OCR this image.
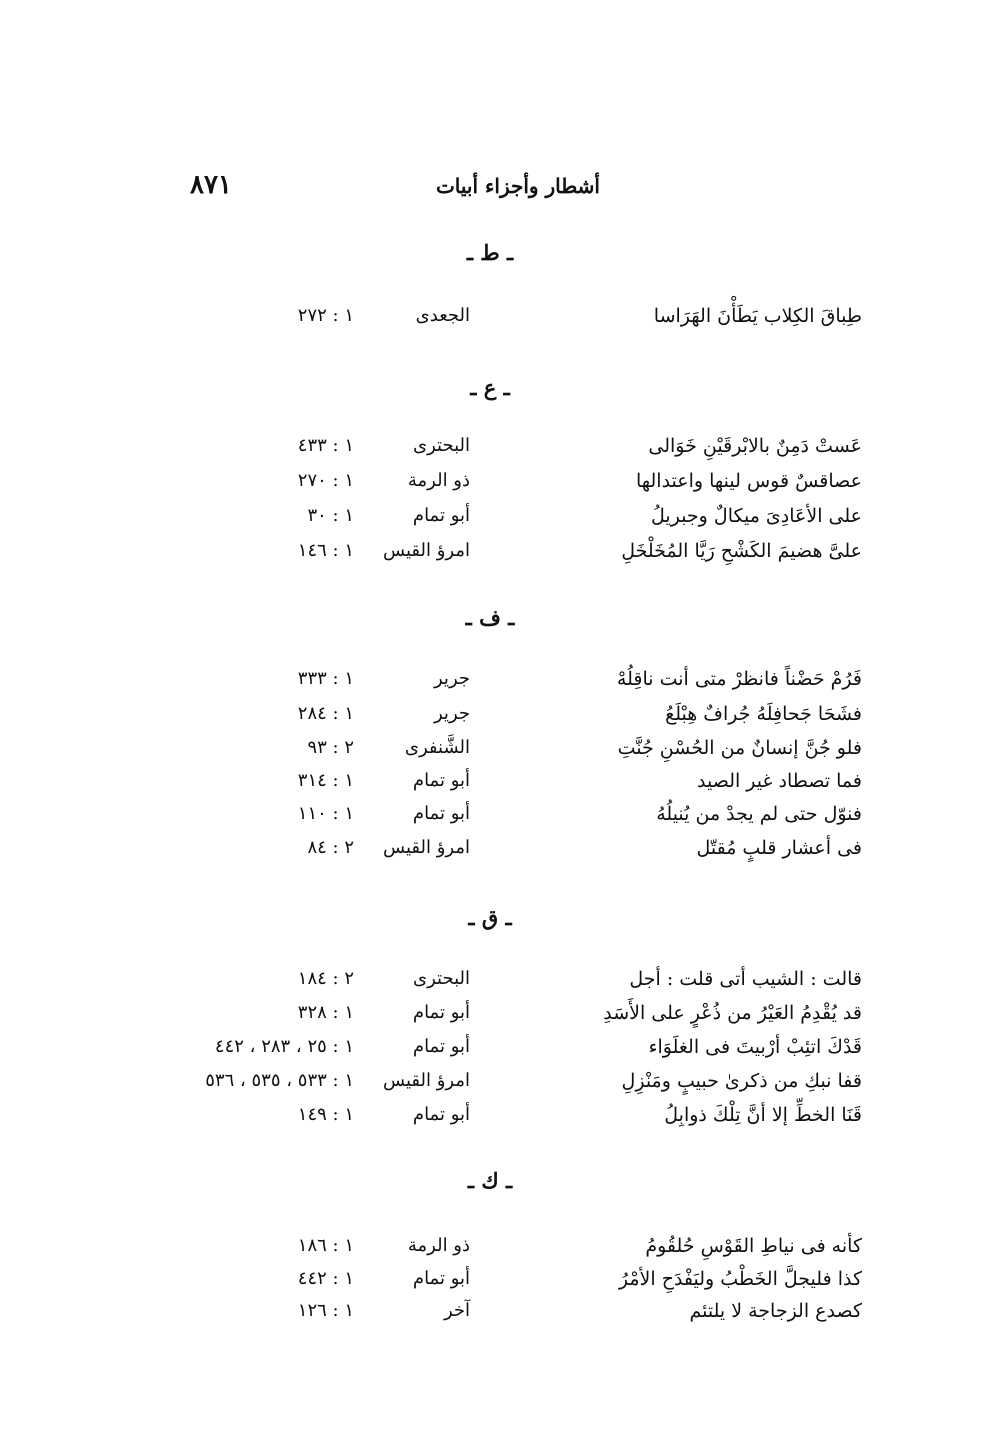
٨٧١	أشطار وأجزاء أبيات
ـ ط ـ
طِباقَ الكِلاب يَطَأْنَ الهَرَاسا
الجعدى
١ : ٢٧٢
ـ ع ـ
عَستْ دَمِنٌ بالابْرقَيْنِ خَوَالى
البحترى
١ : ٤٣٣
عصاقسٌ قوس لينها واعتدالها
ذو الرمة
١ : ٢٧٠
على الأعَادِىَ ميكالٌ وجبريلُ
أبو تمام
١ : ٣٠
علىَّ هضيمَ الكَشْحِ رَيَّا المُخَلْخَلِ
امرؤ القيس
١ : ١٤٦
ـ ف ـ
فَرُمْ حَضْناً فانظرْ متى أنت ناقِلُهْ
جرير
١ : ٣٣٣
فشَحَا جَحافِلَهُ جُرافٌ هِبْلَعُ
جرير
١ : ٢٨٤
فلو جُنَّ إنسانٌ من الحُسْنِ جُنَّتِ
الشَّنفرى
٢ : ٩٣
فما تصطاد غير الصيد
أبو تمام
١ : ٣١٤
فنوّل حتى لم يجدْ من يُنيلُهُ
أبو تمام
١ : ١١٠
فى أعشار قلبٍ مُقتّل
امرؤ القيس
٢ : ٨٤
ـ ق ـ
قالت : الشيب أتى قلت : أجل
البحترى
٢ : ١٨٤
قد يُقْدِمُ العَيْرُ من ذُعْرٍ على الأَسَدِ
أبو تمام
١ : ٣٢٨
قَدْكَ اتئِبْ أرْبيتَ فى الغلَوَاء
أبو تمام
١ : ٢٥ ، ٢٨٣ ، ٤٤٢
قفا نبكِ من ذكرىٰ حبيبٍ ومَنْزِلِ
امرؤ القيس
١ : ٥٣٣ ، ٥٣٥ ، ٥٣٦
قَنَا الخطِّ إلا أنَّ تِلْكَ ذوابِلُ
أبو تمام
١ : ١٤٩
ـ ك ـ
كأنه فى نياطِ القَوْسِ حُلقُومُ
ذو الرمة
١ : ١٨٦
كذا فليجلَّ الخَطْبُ وليَفْدَحِ الأمْرُ
أبو تمام
١ : ٤٤٢
كصدع الزجاجة لا يلتئم
آخر
١ : ١٢٦
